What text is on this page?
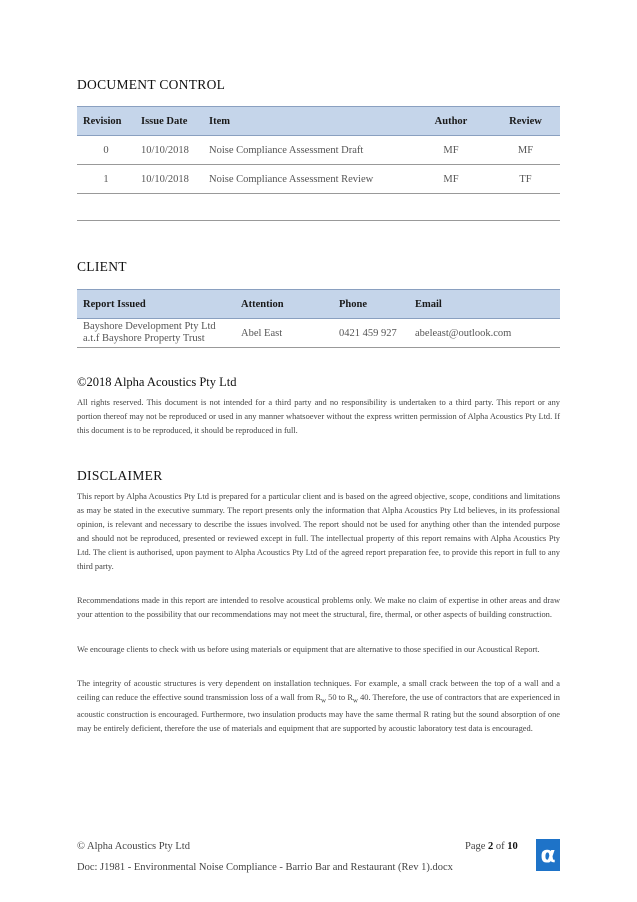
DOCUMENT CONTROL
Revision	Issue Date	Item	Author	Review
0	10/10/2018	Noise Compliance Assessment Draft	MF	MF
1	10/10/2018	Noise Compliance Assessment Review	MF	TF
CLIENT
Report Issued	Attention	Phone	Email

Bayshore Development Pty Ltd
a.t.f Bayshore Property Trust	Abel East	0421 459 927	abeleast@outlook.com
©2018 Alpha Acoustics Pty Ltd
All rights reserved. This document is not intended for a third party and no responsibility is undertaken to a third party. This report or any portion thereof may not be reproduced or used in any manner whatsoever without the express written permission of Alpha Acoustics Pty Ltd. If this document is to be reproduced, it should be reproduced in full.
DISCLAIMER
This report by Alpha Acoustics Pty Ltd is prepared for a particular client and is based on the agreed objective, scope, conditions and limitations as may be stated in the executive summary. The report presents only the information that Alpha Acoustics Pty Ltd believes, in its professional opinion, is relevant and necessary to describe the issues involved. The report should not be used for anything other than the intended purpose and should not be reproduced, presented or reviewed except in full. The intellectual property of this report remains with Alpha Acoustics Pty Ltd. The client is authorised, upon payment to Alpha Acoustics Pty Ltd of the agreed report preparation fee, to provide this report in full to any third party.
Recommendations made in this report are intended to resolve acoustical problems only. We make no claim of expertise in other areas and draw your attention to the possibility that our recommendations may not meet the structural, fire, thermal, or other aspects of building construction.
We encourage clients to check with us before using materials or equipment that are alternative to those specified in our Acoustical Report.
The integrity of acoustic structures is very dependent on installation techniques. For example, a small crack between the top of a wall and a ceiling can reduce the effective sound transmission loss of a wall from $R_w$ 50 to $R_w$ 40. Therefore, the use of contractors that are experienced in acoustic construction is encouraged. Furthermore, two insulation products may have the same thermal R rating but the sound absorption of one may be entirely deficient, therefore the use of materials and equipment that are supported by acoustic laboratory test data is encouraged.
© Alpha Acoustics Pty Ltd	Page 2 of 10 α
Doc: J1981 - Environmental Noise Compliance - Barrio Bar and Restaurant (Rev 1).docx
